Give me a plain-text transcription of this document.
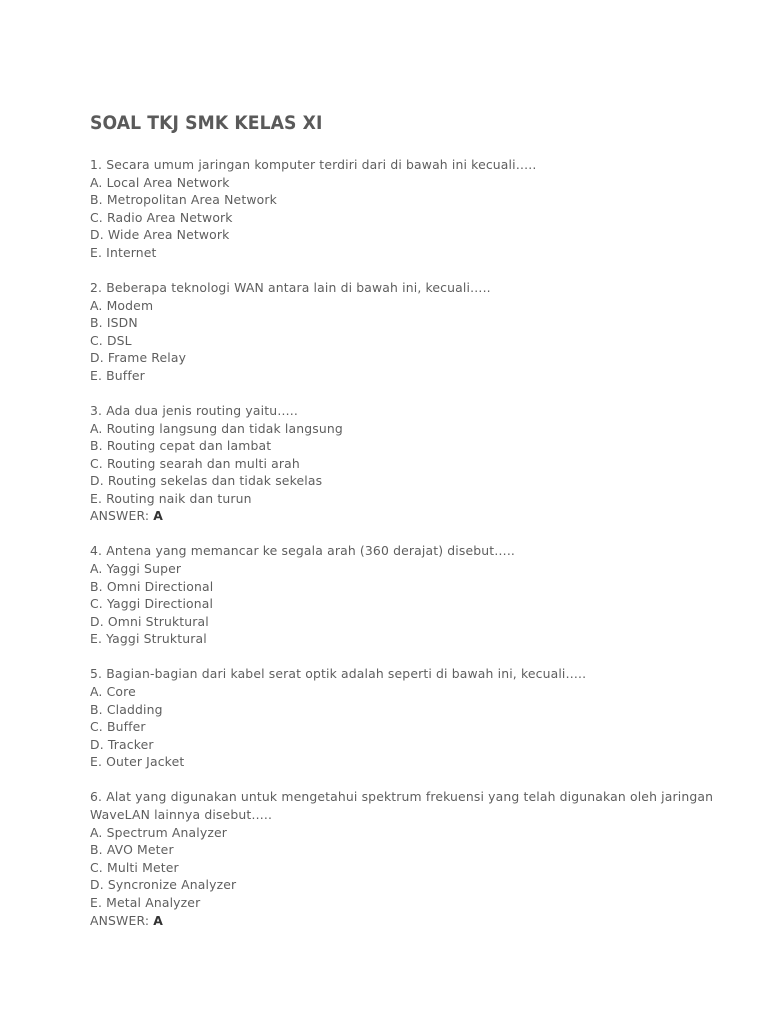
SOAL TKJ SMK KELAS XI
1. Secara umum jaringan komputer terdiri dari di bawah ini kecuali…..
A. Local Area Network
B. Metropolitan Area Network
C. Radio Area Network
D. Wide Area Network
E. Internet
2. Beberapa teknologi WAN antara lain di bawah ini, kecuali…..
A. Modem
B. ISDN
C. DSL
D. Frame Relay
E. Buffer
3. Ada dua jenis routing yaitu…..
A. Routing langsung dan tidak langsung
B. Routing cepat dan lambat
C. Routing searah dan multi arah
D. Routing sekelas dan tidak sekelas
E. Routing naik dan turun
ANSWER: A
4. Antena yang memancar ke segala arah (360 derajat) disebut…..
A. Yaggi Super
B. Omni Directional
C. Yaggi Directional
D. Omni Struktural
E. Yaggi Struktural
5. Bagian-bagian dari kabel serat optik adalah seperti di bawah ini, kecuali…..
A. Core
B. Cladding
C. Buffer
D. Tracker
E. Outer Jacket
6. Alat yang digunakan untuk mengetahui spektrum frekuensi yang telah digunakan oleh jaringan
WaveLAN lainnya disebut…..
A. Spectrum Analyzer
B. AVO Meter
C. Multi Meter
D. Syncronize Analyzer
E. Metal Analyzer
ANSWER: A
